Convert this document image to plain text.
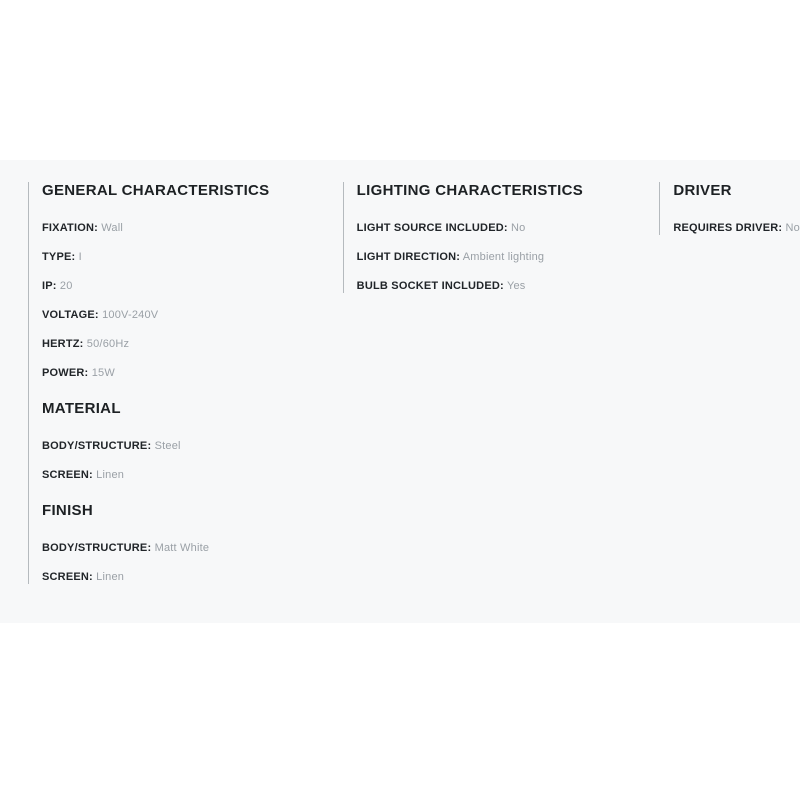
GENERAL CHARACTERISTICS
FIXATION: Wall
TYPE: I
IP: 20
VOLTAGE: 100V-240V
HERTZ: 50/60Hz
POWER: 15W
MATERIAL
BODY/STRUCTURE: Steel
SCREEN: Linen
FINISH
BODY/STRUCTURE: Matt White
SCREEN: Linen
LIGHTING CHARACTERISTICS
LIGHT SOURCE INCLUDED: No
LIGHT DIRECTION: Ambient lighting
BULB SOCKET INCLUDED: Yes
DRIVER
REQUIRES DRIVER: No
